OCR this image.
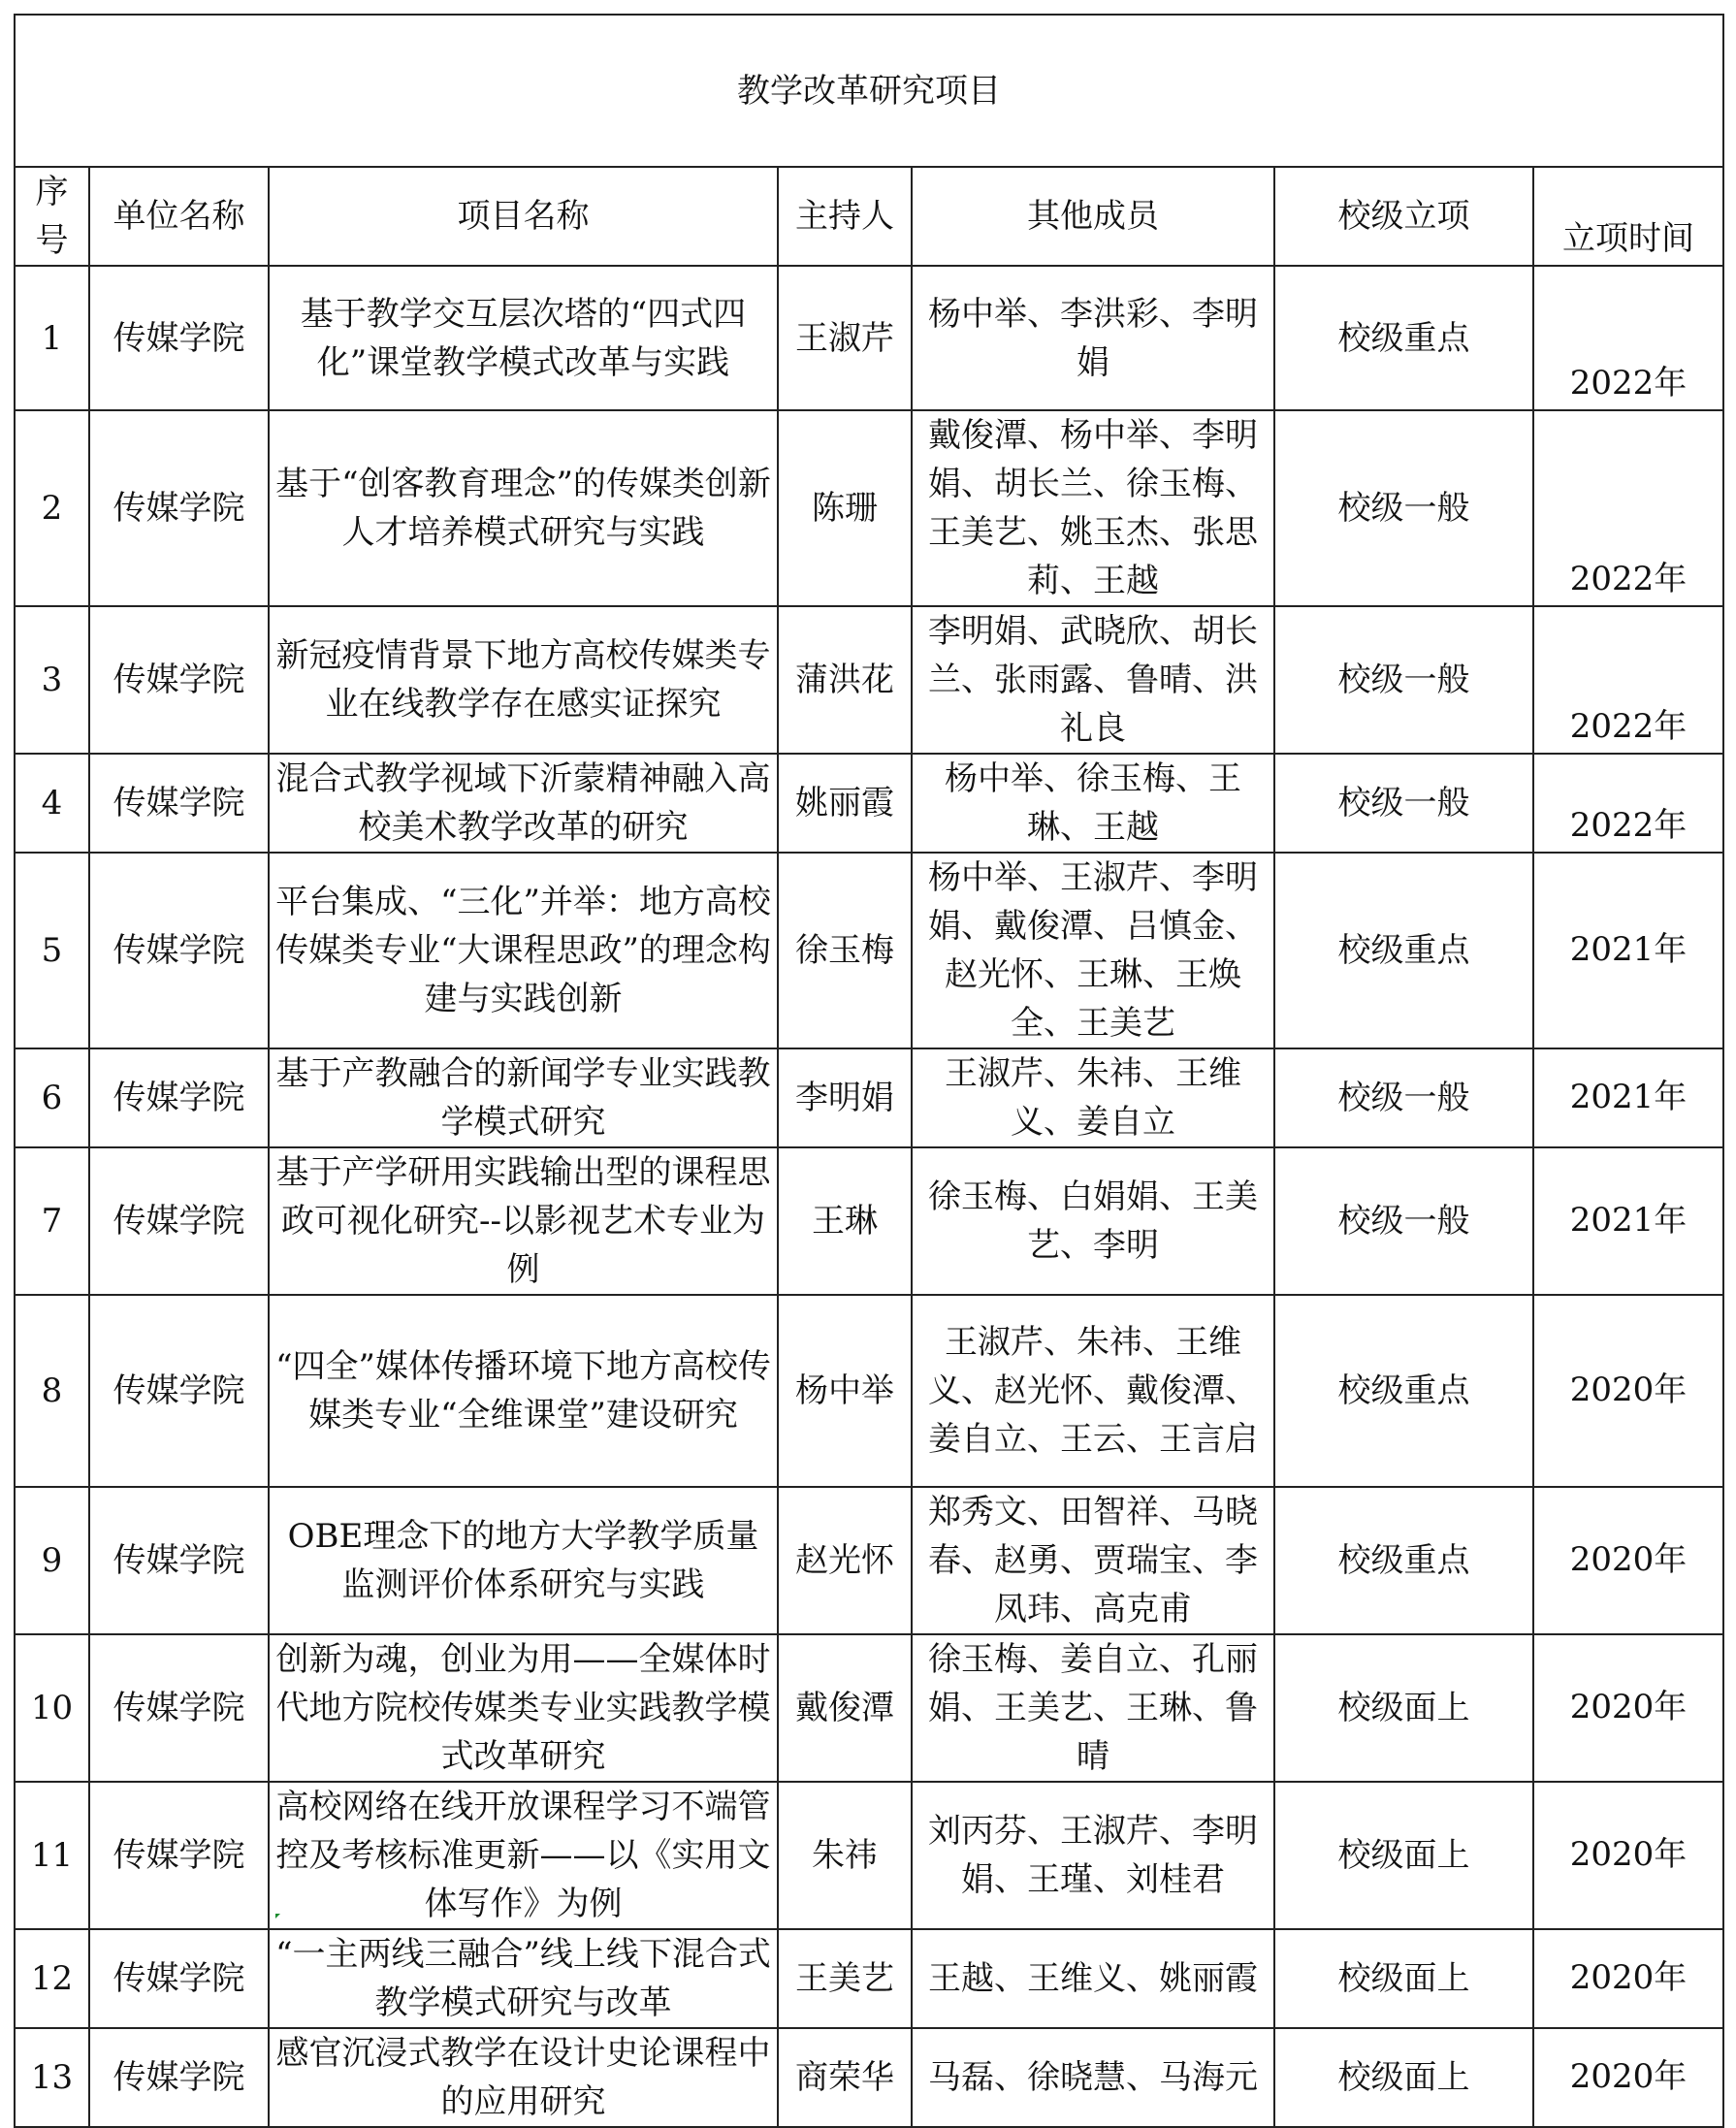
教学改革研究项目						
序号	单位名称	项目名称	主持人	其他成员	校级立项	立项时间
1	传媒学院	基于教学交互层次塔的“四式四化”课堂教学模式改革与实践	王淑芹	杨中举、李洪彩、李明娟	校级重点	2022年
2	传媒学院	基于“创客教育理念”的传媒类创新人才培养模式研究与实践	陈珊	戴俊潭、杨中举、李明娟、胡长兰、徐玉梅、王美艺、姚玉杰、张思莉、王越	校级一般	2022年
3	传媒学院	新冠疫情背景下地方高校传媒类专业在线教学存在感实证探究	蒲洪花	李明娟、武晓欣、胡长兰、张雨露、鲁晴、洪礼良	校级一般	2022年
4	传媒学院	混合式教学视域下沂蒙精神融入高校美术教学改革的研究	姚丽霞	杨中举、徐玉梅、王琳、王越	校级一般	2022年
5	传媒学院	平台集成、“三化”并举：地方高校传媒类专业“大课程思政”的理念构建与实践创新	徐玉梅	杨中举、王淑芹、李明娟、戴俊潭、吕慎金、赵光怀、王琳、王焕全、王美艺	校级重点	2021年
6	传媒学院	基于产教融合的新闻学专业实践教学模式研究	李明娟	王淑芹、朱祎、王维义、姜自立	校级一般	2021年
7	传媒学院	基于产学研用实践输出型的课程思政可视化研究--以影视艺术专业为例	王琳	徐玉梅、白娟娟、王美艺、李明	校级一般	2021年
8	传媒学院	“四全”媒体传播环境下地方高校传媒类专业“全维课堂”建设研究	杨中举	王淑芹、朱祎、王维义、赵光怀、戴俊潭、姜自立、王云、王言启	校级重点	2020年
9	传媒学院	OBE理念下的地方大学教学质量监测评价体系研究与实践	赵光怀	郑秀文、田智祥、马晓春、赵勇、贾瑞宝、李凤玮、高克甫	校级重点	2020年
10	传媒学院	创新为魂，创业为用——全媒体时代地方院校传媒类专业实践教学模式改革研究	戴俊潭	徐玉梅、姜自立、孔丽娟、王美艺、王琳、鲁晴	校级面上	2020年
11	传媒学院	高校网络在线开放课程学习不端管控及考核标准更新——以《实用文体写作》为例	朱祎	刘丙芬、王淑芹、李明娟、王瑾、刘桂君	校级面上	2020年
12	传媒学院	“一主两线三融合”线上线下混合式教学模式研究与改革	王美艺	王越、王维义、姚丽霞	校级面上	2020年
13	传媒学院	感官沉浸式教学在设计史论课程中的应用研究	商荣华	马磊、徐晓慧、马海元	校级面上	2020年
